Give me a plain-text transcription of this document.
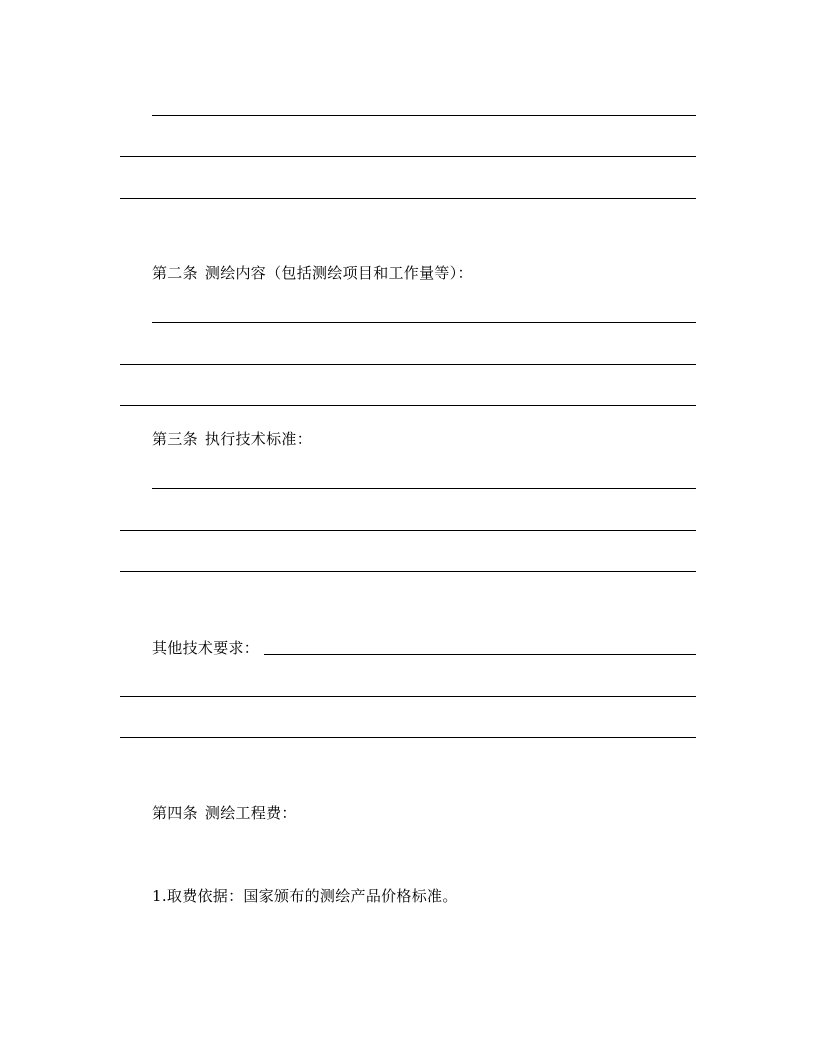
第二条 测绘内容（包括测绘项目和工作量等）：
第三条 执行技术标准：
其他技术要求：
第四条 测绘工程费：
1.取费依据：国家颁布的测绘产品价格标准。
